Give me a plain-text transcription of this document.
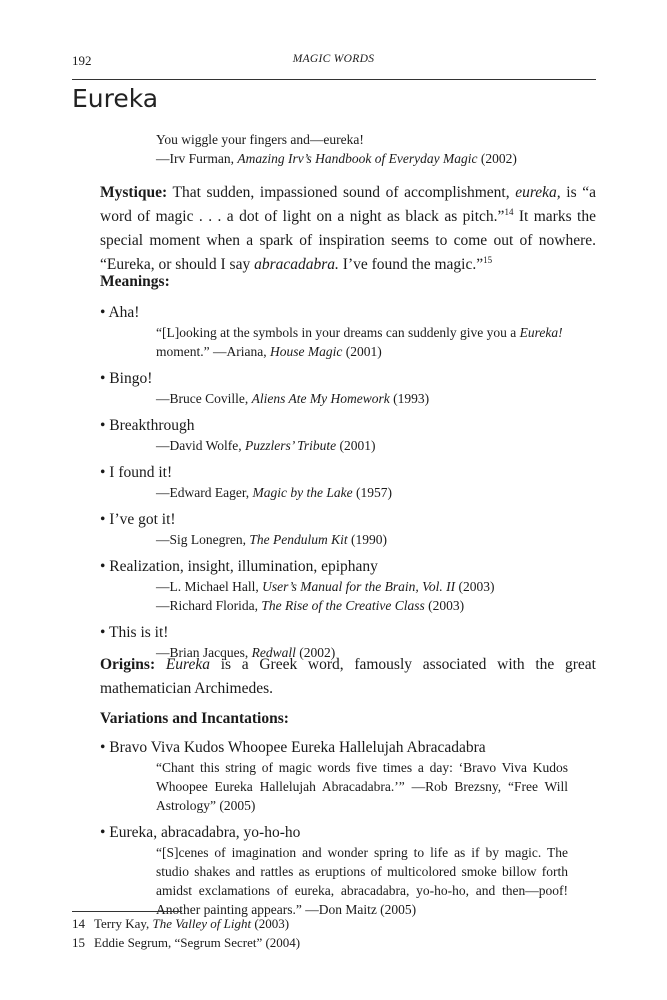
192	MAGIC WORDS
Eureka

You wiggle your fingers and—eureka!

—Irv Furman, Amazing Irv’s Handbook of Everyday Magic (2002)

Mystique: That sudden, impassioned sound of accomplishment, eureka, is “a word of magic . . . a dot of light on a night as black as pitch.”$^{14}$ It marks the special moment when a spark of inspiration seems to come out of nowhere. “Eureka, or should I say abracadabra. I’ve found the magic.”$^{15}$

Meanings:
• Aha!
“[L]ooking at the symbols in your dreams can suddenly give you a Eureka! moment.” —Ariana, House Magic (2001)
• Bingo!
—Bruce Coville, Aliens Ate My Homework (1993)
• Breakthrough
—David Wolfe, Puzzlers’ Tribute (2001)
• I found it!
—Edward Eager, Magic by the Lake (1957)
• I’ve got it!
—Sig Lonegren, The Pendulum Kit (1990)
• Realization, insight, illumination, epiphany
—L. Michael Hall, User’s Manual for the Brain, Vol. II (2003)
—Richard Florida, The Rise of the Creative Class (2003)
• This is it!
—Brian Jacques, Redwall (2002)

Origins: Eureka is a Greek word, famously associated with the great mathematician Archimedes.

Variations and Incantations:
• Bravo Viva Kudos Whoopee Eureka Hallelujah Abracadabra
“Chant this string of magic words five times a day: ‘Bravo Viva Kudos Whoopee Eureka Hallelujah Abracadabra.’” —Rob Brezsny, “Free Will Astrology” (2005)
• Eureka, abracadabra, yo-ho-ho
“[S]cenes of imagination and wonder spring to life as if by magic. The studio shakes and rattles as eruptions of multicolored smoke billow forth amidst exclamations of eureka, abracadabra, yo-ho-ho, and then—poof! Another painting appears.” —Don Maitz (2005)

14 Terry Kay, The Valley of Light (2003)

15 Eddie Segrum, “Segrum Secret” (2004)
